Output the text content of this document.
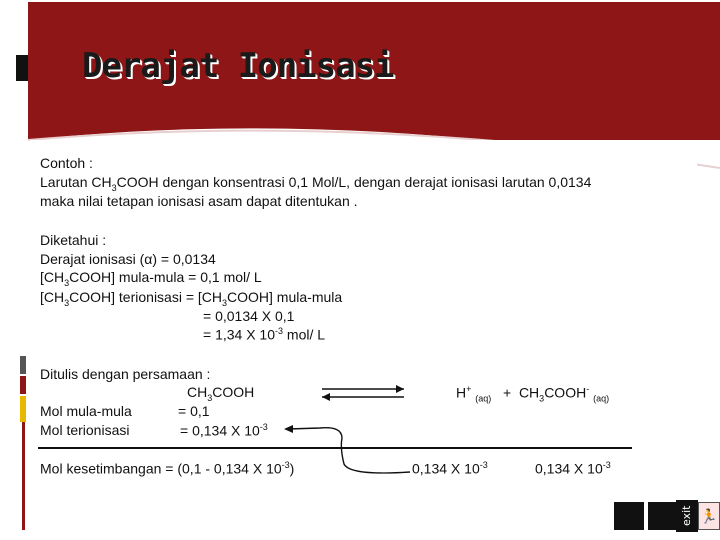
Derajat Ionisasi
Contoh :
Larutan $CH_3COOH$ dengan konsentrasi 0,1 Mol/L, dengan derajat ionisasi larutan 0,0134
maka nilai tetapan ionisasi asam dapat ditentukan .
Diketahui :
Derajat ionisasi (α) = 0,0134
$[CH_3COOH]$ mula-mula = 0,1 mol/ L
$[CH_3COOH]$ terionisasi = $[CH_3COOH]$ mula-mula
= 0,0134 X 0,1
= 1,34 X $10^{-3}$ mol/ L
Ditulis dengan persamaan :
$CH_3COOH$	H+ $_{(aq)} + CH_3COOH^-$ $_{(aq)}$
Mol mula-mula	= 0,1
Mol terionisasi	= 0,134 X $10^{-3}$
Mol kesetimbangan = (0,1 - 0,134 X $10^{-3}$)	0,134 X $10^{-3}$	0,134 X $10^{-3}$
exit 🏃
